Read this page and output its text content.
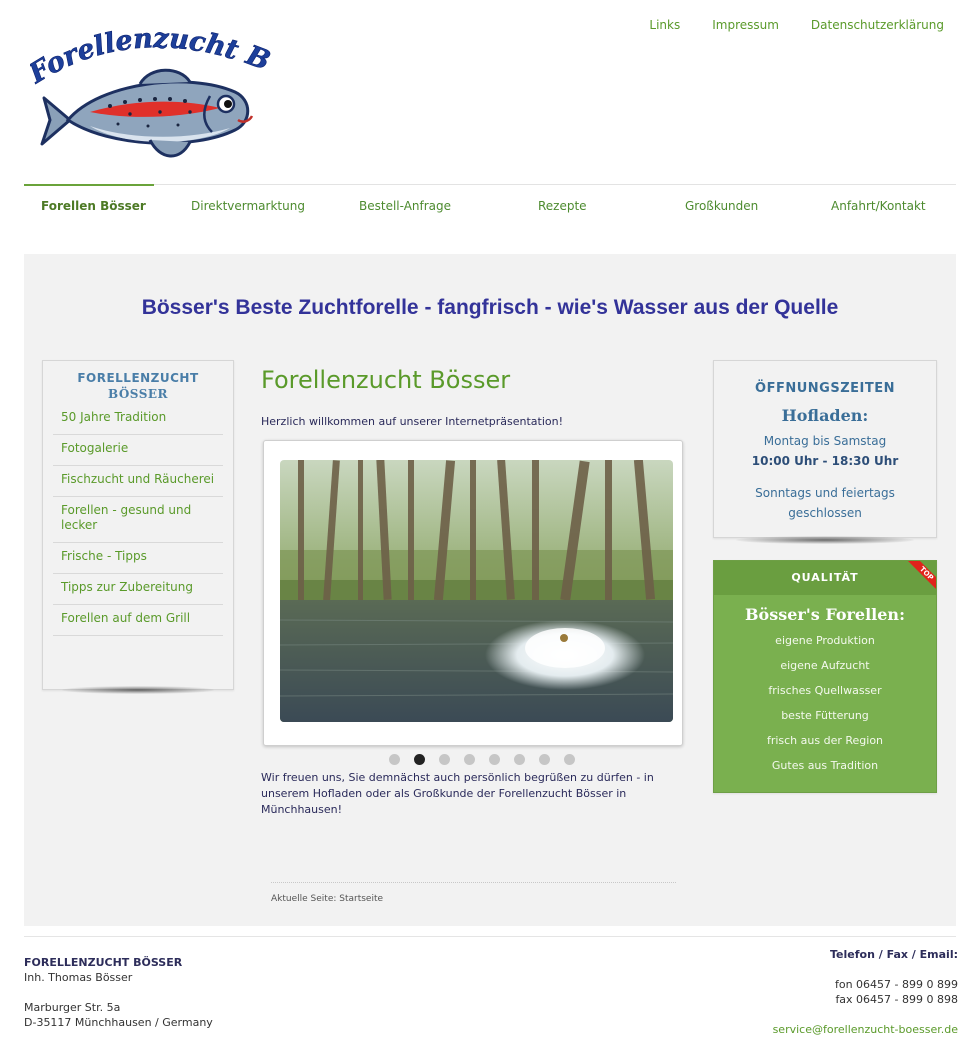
Links	Impressum	Datenschutzerklärung
orellenzucht B
Forellen Bösser	Direktvermarktung	Bestell-Anfrage	Rezepte	Großkunden	Anfahrt/Kontakt
Bösser's Beste Zuchtforelle - fangfrisch - wie's Wasser aus der Quelle
FORELLENZUCHT
BÖSSER
50 Jahre Tradition
Fotogalerie
Fischzucht und Räucherei
Forellen - gesund und lecker
Frische - Tipps
Tipps zur Zubereitung
Forellen auf dem Grill
Forellenzucht Bösser
Herzlich willkommen auf unserer Internetpräsentation!
Wir freuen uns, Sie demnächst auch persönlich begrüßen zu dürfen - in unserem Hofladen oder als Großkunde der Forellenzucht Bösser in Münchhausen!
Aktuelle Seite: Startseite
ÖFFNUNGSZEITEN
Hofladen:
Montag bis Samstag
10:00 Uhr - 18:30 Uhr
Sonntags und feiertags
geschlossen
QUALITÄT	TOP
Bösser's Forellen:
eigene Produktion
eigene Aufzucht
frisches Quellwasser
beste Fütterung
frisch aus der Region
Gutes aus Tradition
FORELLENZUCHT BÖSSER
Inh. Thomas Bösser
Marburger Str. 5a
D-35117 Münchhausen / Germany
Telefon / Fax / Email:
fon 06457 - 899 0 899
fax 06457 - 899 0 898
service@forellenzucht-boesser.de
